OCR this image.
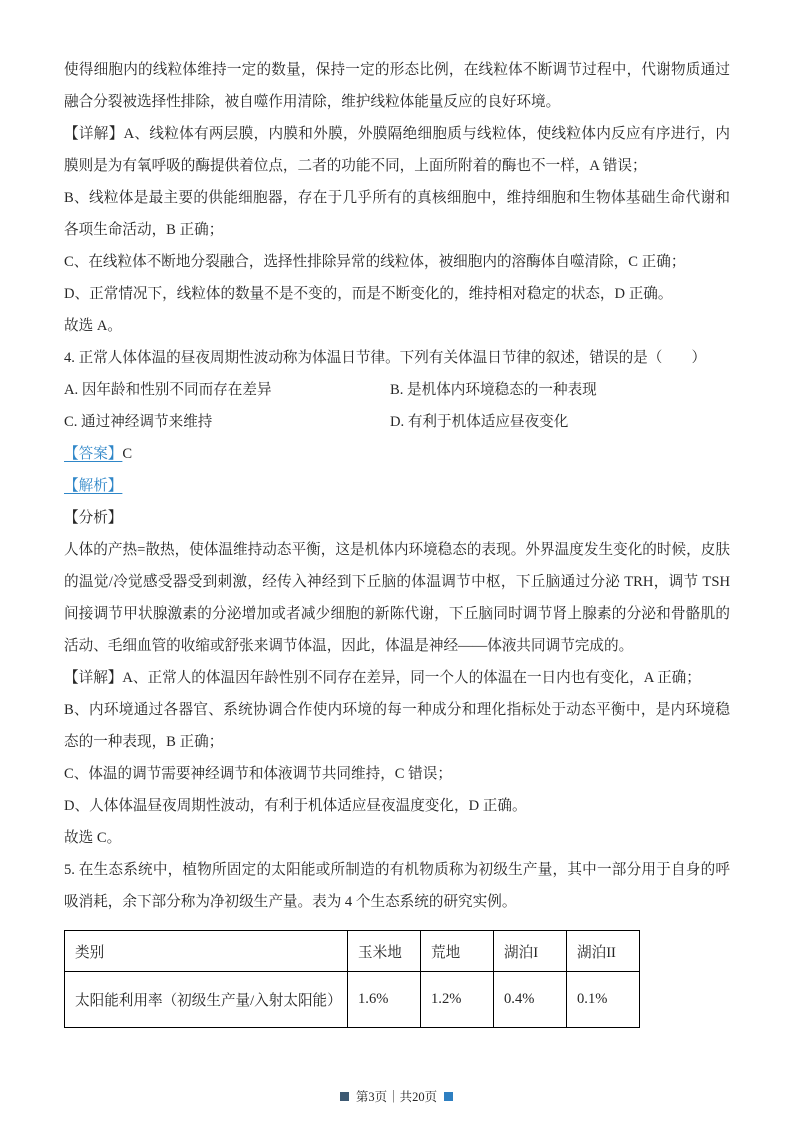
使得细胞内的线粒体维持一定的数量，保持一定的形态比例，在线粒体不断调节过程中，代谢物质通过融合分裂被选择性排除，被自噬作用清除，维护线粒体能量反应的良好环境。

【详解】A、线粒体有两层膜，内膜和外膜，外膜隔绝细胞质与线粒体，使线粒体内反应有序进行，内膜则是为有氧呼吸的酶提供着位点，二者的功能不同，上面所附着的酶也不一样，A 错误；

B、线粒体是最主要的供能细胞器，存在于几乎所有的真核细胞中，维持细胞和生物体基础生命代谢和各项生命活动，B 正确；

C、在线粒体不断地分裂融合，选择性排除异常的线粒体，被细胞内的溶酶体自噬清除，C 正确；

D、正常情况下，线粒体的数量不是不变的，而是不断变化的，维持相对稳定的状态，D 正确。

故选 A。

4. 正常人体体温的昼夜周期性波动称为体温日节律。下列有关体温日节律的叙述，错误的是（　　）

A. 因年龄和性别不同而存在差异	B. 是机体内环境稳态的一种表现
C. 通过神经调节来维持	D. 有利于机体适应昼夜变化

【答案】C

【解析】

【分析】

人体的产热=散热，使体温维持动态平衡，这是机体内环境稳态的表现。外界温度发生变化的时候，皮肤的温觉/冷觉感受器受到刺激，经传入神经到下丘脑的体温调节中枢，下丘脑通过分泌 TRH，调节 TSH 间接调节甲状腺激素的分泌增加或者减少细胞的新陈代谢，下丘脑同时调节肾上腺素的分泌和骨骼肌的活动、毛细血管的收缩或舒张来调节体温，因此，体温是神经——体液共同调节完成的。

【详解】A、正常人的体温因年龄性别不同存在差异，同一个人的体温在一日内也有变化，A 正确；

B、内环境通过各器官、系统协调合作使内环境的每一种成分和理化指标处于动态平衡中，是内环境稳态的一种表现，B 正确；

C、体温的调节需要神经调节和体液调节共同维持，C 错误；

D、人体体温昼夜周期性波动，有利于机体适应昼夜温度变化，D 正确。

故选 C。

5. 在生态系统中，植物所固定的太阳能或所制造的有机物质称为初级生产量，其中一部分用于自身的呼吸消耗，余下部分称为净初级生产量。表为 4 个生态系统的研究实例。

类别	玉米地	荒地	湖泊I	湖泊II
太阳能利用率（初级生产量/入射太阳能）	1.6%	1.2%	0.4%	0.1%
第3页｜共20页
